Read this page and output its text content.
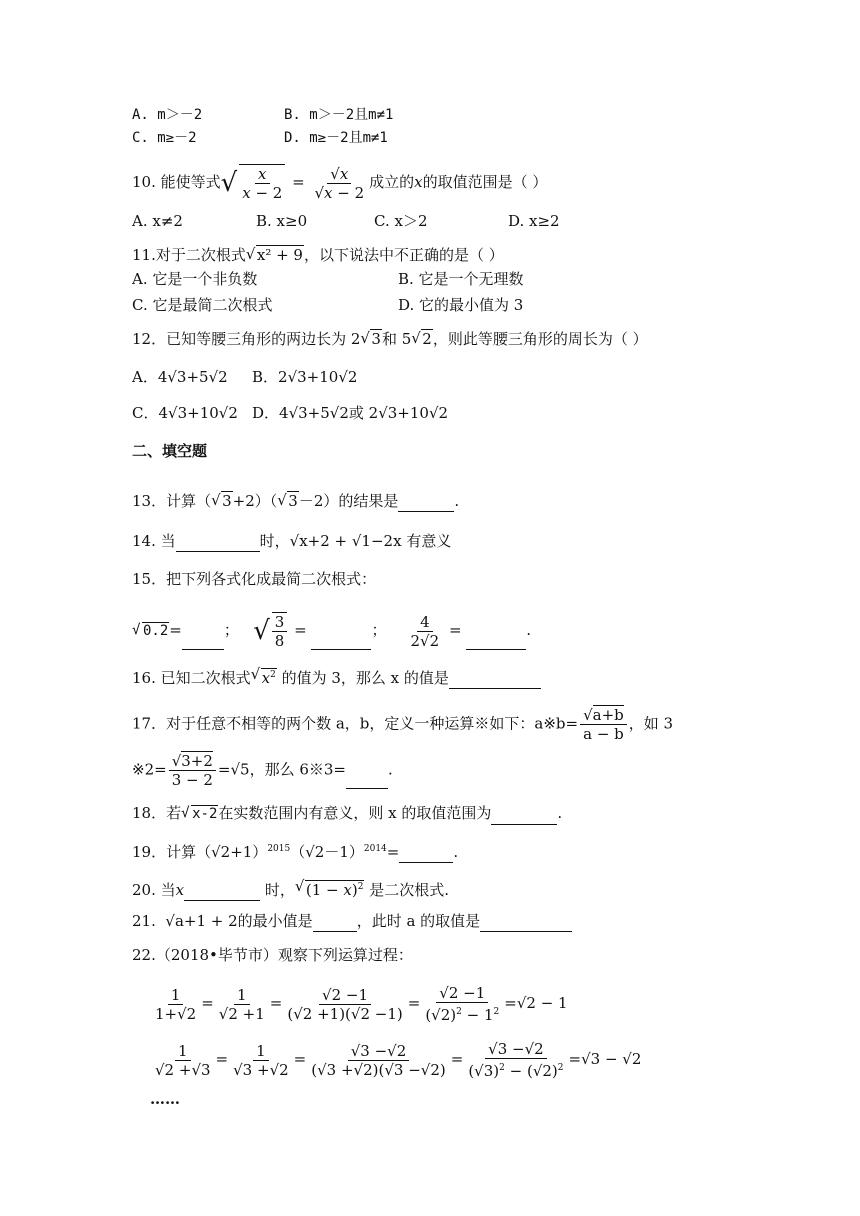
A. m＞－2	B. m＞－2且m≠1
C. m≥－2	D. m≥－2且m≠1
10. 能使等式√ $\frac{x}{x - 2} = \frac{√x}{√x - 2}$ 成立的x的取值范围是（ ）
A. x≠2	B. x≥0	C. x＞2	D. x≥2
11.对于二次根式 √ x² + 9，以下说法中不正确的是（ ）
A. 它是一个非负数	B. 它是一个无理数
C. 它是最简二次根式	D. 它的最小值为 3
12．已知等腰三角形的两边长为 2 √ 3和 5 √ 2，则此等腰三角形的周长为（ ）
A．4√3+5√2 B．2√3+10√2
C．4√3+10√2 D．4√3+5√2或 2√3+10√2
二、填空题
13．计算（ √ 3+2）（ √ 3－2）的结果是	.
14. 当	时，√x+2 + √1−2x 有意义
15．把下列各式化成最简二次根式：
√ 0.2=	； √ $\frac{3}{8}$ =	； $\frac{4}{2√2}$ =	.
16. 已知二次根式 √ $x^2$ 的值为 3，那么 x 的值是
17．对于任意不相等的两个数 a，b，定义一种运算※如下：a※b= $\frac{√a+b}{a - b}$ ，如 3
※2= $\frac{√3+2}{3 - 2} =√5$，那么 6※3=	.
18．若 √ x-2在实数范围内有意义，则 x 的取值范围为	.
19．计算$(√2+1)^{2015}(√2-1)^{2014}=$	.
20. 当x	时， √ $(1 - x)^2$ 是二次根式.
21.  √a+1 + 2的最小值是	，此时 a 的取值是
22.（2018•毕节市）观察下列运算过程：
$\frac{1}{1+√2} = \frac{1}{√2 +1} = \frac{√2 -1}{(√2 +1)(√2 -1)} = \frac{√2 -1}{(√2)^2 - 1^2} =√2 - 1$
$\frac{1}{√2 +√3} = \frac{1}{√3 +√2} = \frac{√3 -√2}{(√3 +√2)(√3 -√2)} = \frac{√3 -√2}{(√3)^2 - (√2)^2} =√3 - √2$
……
